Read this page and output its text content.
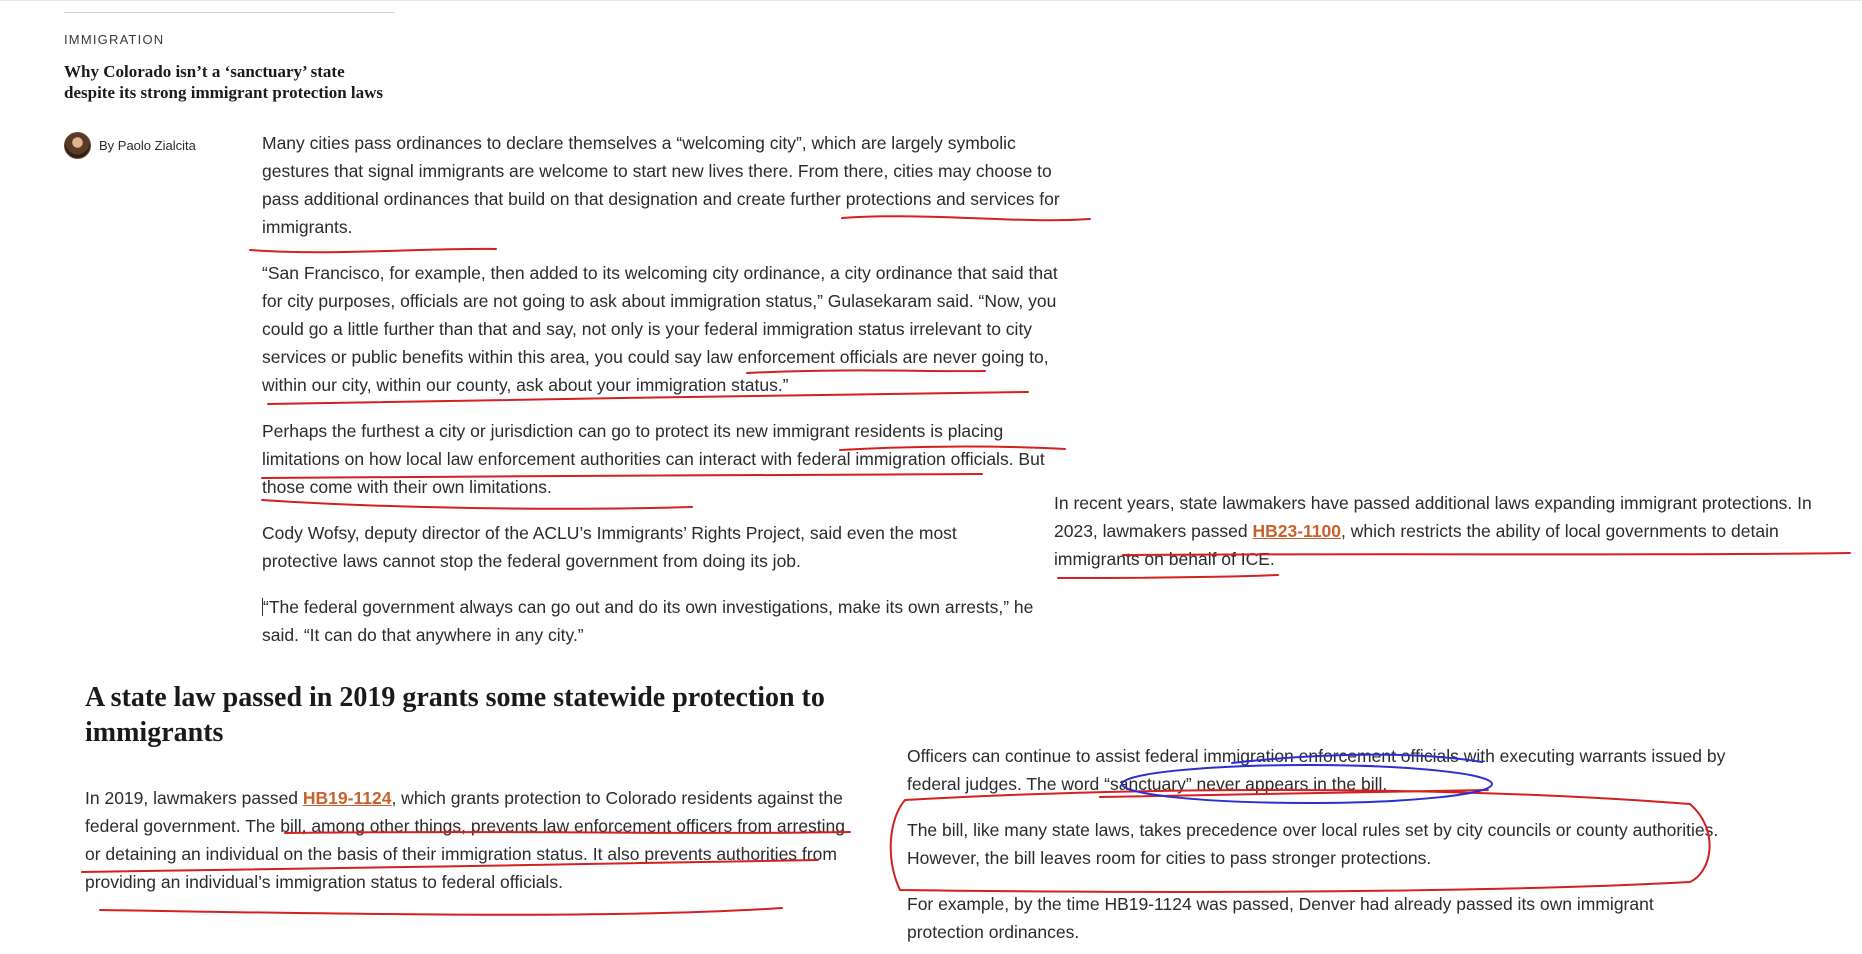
IMMIGRATION
Why Colorado isn’t a ‘sanctuary’ state despite its strong immigrant protection laws
By Paolo Zialcita	Many cities pass ordinances to declare themselves a “welcoming city”, which are largely symbolic gestures that signal immigrants are welcome to start new lives there. From there, cities may choose to pass additional ordinances that build on that designation and create further protections and services for immigrants.

“San Francisco, for example, then added to its welcoming city ordinance, a city ordinance that said that for city purposes, officials are not going to ask about immigration status,” Gulasekaram said. “Now, you could go a little further than that and say, not only is your federal immigration status irrelevant to city services or public benefits within this area, you could say law enforcement officials are never going to, within our city, within our county, ask about your immigration status.”

Perhaps the furthest a city or jurisdiction can go to protect its new immigrant residents is placing limitations on how local law enforcement authorities can interact with federal immigration officials. But those come with their own limitations.

Cody Wofsy, deputy director of the ACLU’s Immigrants’ Rights Project, said even the most protective laws cannot stop the federal government from doing its job.

“The federal government always can go out and do its own investigations, make its own arrests,” he said. “It can do that anywhere in any city.”

In recent years, state lawmakers have passed additional laws expanding immigrant protections. In 2023, lawmakers passed HB23-1100, which restricts the ability of local governments to detain immigrants on behalf of ICE.

A state law passed in 2019 grants some statewide protection to immigrants

In 2019, lawmakers passed HB19-1124, which grants protection to Colorado residents against the federal government. The bill, among other things, prevents law enforcement officers from arresting or detaining an individual on the basis of their immigration status. It also prevents authorities from providing an individual’s immigration status to federal officials.

Officers can continue to assist federal immigration enforcement officials with executing warrants issued by federal judges. The word “sanctuary” never appears in the bill.

The bill, like many state laws, takes precedence over local rules set by city councils or county authorities. However, the bill leaves room for cities to pass stronger protections.

For example, by the time HB19-1124 was passed, Denver had already passed its own immigrant protection ordinances.
